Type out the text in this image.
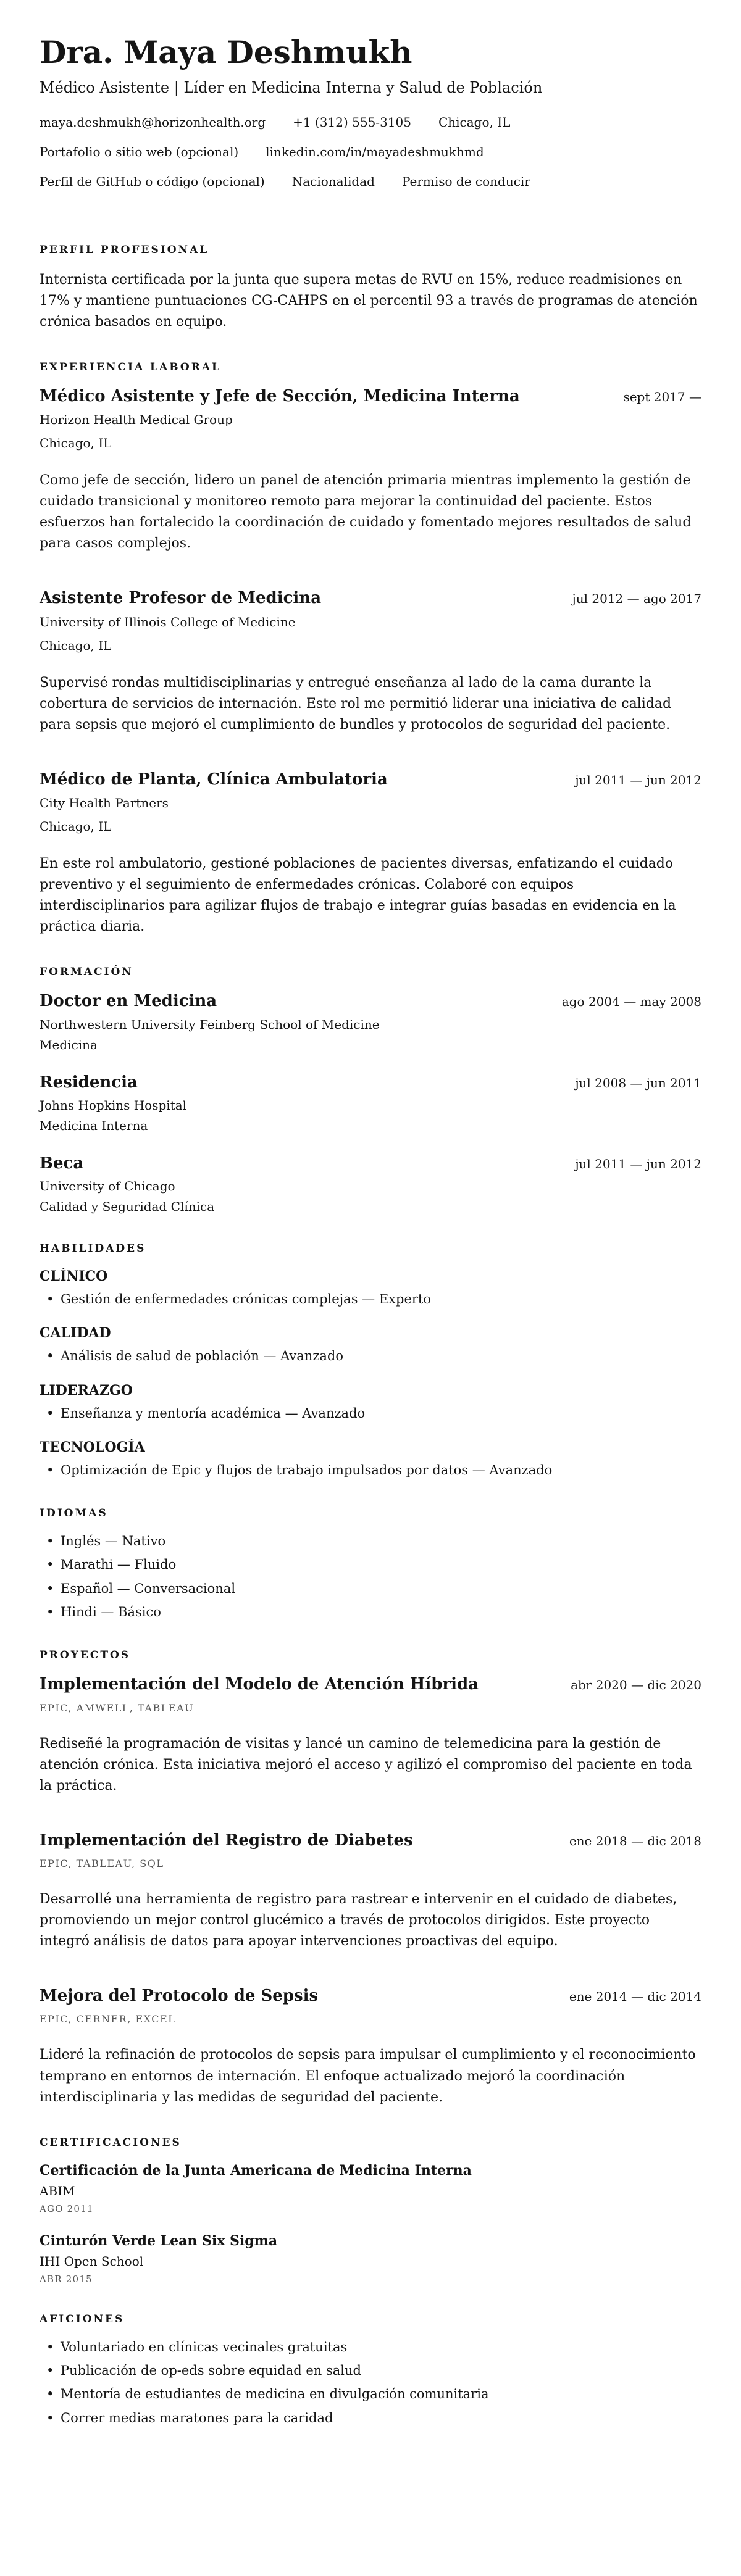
Dra. Maya Deshmukh
Médico Asistente | Líder en Medicina Interna y Salud de Población
maya.deshmukh@horizonhealth.org +1 (312) 555-3105 Chicago, IL
Portafolio o sitio web (opcional) linkedin.com/in/mayadeshmukhmd
Perfil de GitHub o código (opcional) Nacionalidad Permiso de conducir
PERFIL PROFESIONAL

Internista certificada por la junta que supera metas de RVU en 15%, reduce readmisiones en 17% y mantiene puntuaciones CG-CAHPS en el percentil 93 a través de programas de atención crónica basados en equipo.

EXPERIENCIA LABORAL
Médico Asistente y Jefe de Sección, Medicina Interna	sept 2017 —
Horizon Health Medical Group
Chicago, IL

Como jefe de sección, lidero un panel de atención primaria mientras implemento la gestión de cuidado transicional y monitoreo remoto para mejorar la continuidad del paciente. Estos esfuerzos han fortalecido la coordinación de cuidado y fomentado mejores resultados de salud para casos complejos.

Asistente Profesor de Medicina	jul 2012 — ago 2017
University of Illinois College of Medicine
Chicago, IL

Supervisé rondas multidisciplinarias y entregué enseñanza al lado de la cama durante la cobertura de servicios de internación. Este rol me permitió liderar una iniciativa de calidad para sepsis que mejoró el cumplimiento de bundles y protocolos de seguridad del paciente.

Médico de Planta, Clínica Ambulatoria	jul 2011 — jun 2012
City Health Partners
Chicago, IL

En este rol ambulatorio, gestioné poblaciones de pacientes diversas, enfatizando el cuidado preventivo y el seguimiento de enfermedades crónicas. Colaboré con equipos interdisciplinarios para agilizar flujos de trabajo e integrar guías basadas en evidencia en la práctica diaria.

FORMACIÓN
Doctor en Medicina	ago 2004 — may 2008
Northwestern University Feinberg School of Medicine
Medicina
Residencia	jul 2008 — jun 2011
Johns Hopkins Hospital
Medicina Interna
Beca	jul 2011 — jun 2012
University of Chicago
Calidad y Seguridad Clínica
HABILIDADES
CLÍNICO
• Gestión de enfermedades crónicas complejas — Experto
CALIDAD
• Análisis de salud de población — Avanzado
LIDERAZGO
• Enseñanza y mentoría académica — Avanzado
TECNOLOGÍA
• Optimización de Epic y flujos de trabajo impulsados por datos — Avanzado
IDIOMAS
• Inglés — Nativo
• Marathi — Fluido
• Español — Conversacional
• Hindi — Básico
PROYECTOS
Implementación del Modelo de Atención Híbrida	abr 2020 — dic 2020
EPIC, AMWELL, TABLEAU

Rediseñé la programación de visitas y lancé un camino de telemedicina para la gestión de atención crónica. Esta iniciativa mejoró el acceso y agilizó el compromiso del paciente en toda la práctica.

Implementación del Registro de Diabetes	ene 2018 — dic 2018
EPIC, TABLEAU, SQL

Desarrollé una herramienta de registro para rastrear e intervenir en el cuidado de diabetes, promoviendo un mejor control glucémico a través de protocolos dirigidos. Este proyecto integró análisis de datos para apoyar intervenciones proactivas del equipo.

Mejora del Protocolo de Sepsis	ene 2014 — dic 2014
EPIC, CERNER, EXCEL

Lideré la refinación de protocolos de sepsis para impulsar el cumplimiento y el reconocimiento temprano en entornos de internación. El enfoque actualizado mejoró la coordinación interdisciplinaria y las medidas de seguridad del paciente.

CERTIFICACIONES
Certificación de la Junta Americana de Medicina Interna
ABIM
AGO 2011
Cinturón Verde Lean Six Sigma
IHI Open School
ABR 2015
AFICIONES
• Voluntariado en clínicas vecinales gratuitas
• Publicación de op-eds sobre equidad en salud
• Mentoría de estudiantes de medicina en divulgación comunitaria
• Correr medias maratones para la caridad
